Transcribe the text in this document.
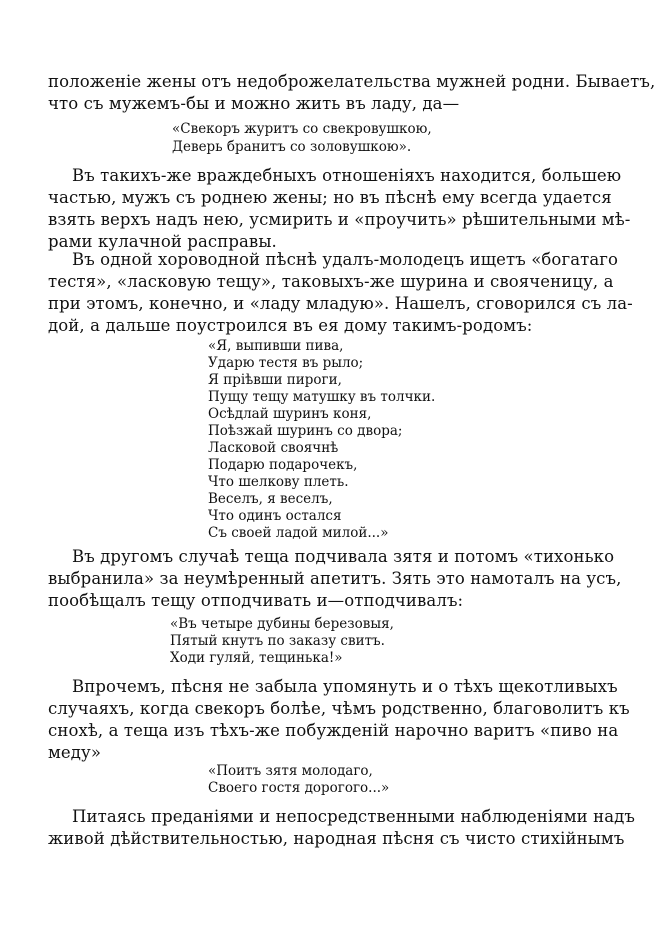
положенiе жены отъ недоброжелательства мужней родни. Бываетъ,
что съ мужемъ-бы и можно жить въ ладу, да—
«Свекоръ журитъ со свекровушкою,
Деверь бранитъ со золовушкою».
Въ такихъ-же враждебныхъ отношенiяхъ находится, большею
частью, мужъ съ роднею жены; но въ пѣснѣ ему всегда удается
взять верхъ надъ нею, усмирить и «проучить» рѣшительными мѣ-
рами кулачной расправы.
Въ одной хороводной пѣснѣ удалъ-молодецъ ищетъ «богатаго
тестя», «ласковую тещу», таковыхъ-же шурина и свояченицу, а
при этомъ, конечно, и «ладу младую». Нашелъ, сговорился съ ла-
дой, а дальше поустроился въ ея дому такимъ-родомъ:
«Я, выпивши пива,
Ударю тестя въ рыло;
Я прiѣвши пироги,
Пущу тещу матушку въ толчки.
Осѣдлай шуринъ коня,
Поѣзжай шуринъ со двора;
Ласковой своячнѣ
Подарю подарочекъ,
Что шелкову плеть.
Веселъ, я веселъ,
Что одинъ остался
Съ своей ладой милой...»
Въ другомъ случаѣ теща подчивала зятя и потомъ «тихонько
выбранила» за неумѣренный апетитъ. Зять это намоталъ на усъ,
пообѣщалъ тещу отподчивать и—отподчивалъ:
«Въ четыре дубины березовыя,
Пятый кнутъ по заказу свитъ.
Ходи гуляй, тещинька!»
Впрочемъ, пѣсня не забыла упомянуть и о тѣхъ щекотливыхъ
случаяхъ, когда свекоръ болѣе, чѣмъ родственно, благоволитъ къ
снохѣ, а теща изъ тѣхъ-же побужденiй нарочно варитъ «пиво на
меду»
«Поитъ зятя молодаго,
Своего гостя дорогого...»
Питаясь преданiями и непосредственными наблюденiями надъ
живой дѣйствительностью, народная пѣсня съ чисто стихiйнымъ
